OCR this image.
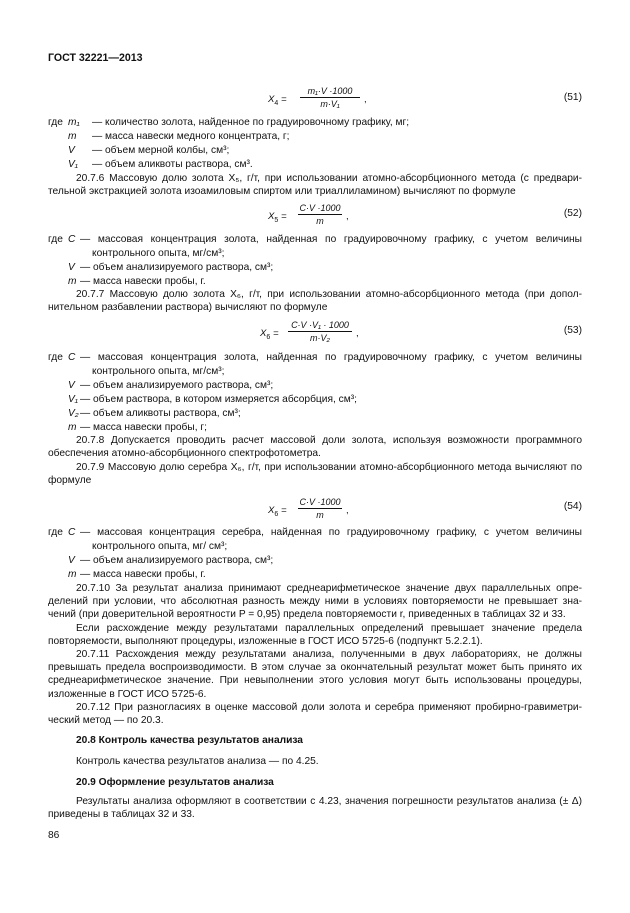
ГОСТ 32221—2013
$X_4$ =
m₁·V ·1000
m·V₁	,	(51)
где m₁ — количество золота, найденное по градуировочному графику, мг;
m — масса навески медного концентрата, г;
V — объем мерной колбы, см³;
V₁ — объем аликвоты раствора, см³.
20.7.6 Массовую долю золота X₅, г/т, при использовании атомно-абсорбционного метода (с предвари-тельной экстракцией золота изоамиловым спиртом или триаллиламином) вычисляют по формуле
$X_5$ =
C·V ·1000
m	,	(52)
где C — массовая концентрация золота, найденная по градуировочному графику, с учетом величины
контрольного опыта, мг/см³;
V — объем анализируемого раствора, см³;
m — масса навески пробы, г.
20.7.7 Массовую долю золота X₆, г/т, при использовании атомно-абсорбционного метода (при допол-нительном разбавлении раствора) вычисляют по формуле
$X_6$ =
C·V ·V₁ · 1000
m·V₂	,	(53)
где C — массовая концентрация золота, найденная по градуировочному графику, с учетом величины
контрольного опыта, мг/см³;
V — объем анализируемого раствора, см³;
V₁ — объем раствора, в котором измеряется абсорбция, см³;
V₂ — объем аликвоты раствора, см³;
m — масса навески пробы, г;
20.7.8 Допускается проводить расчет массовой доли золота, используя возможности программного обеспечения атомно-абсорбционного спектрофотометра.
20.7.9 Массовую долю серебра X₆, г/т, при использовании атомно-абсорбционного метода вычисляют по формуле
$X_6$ =
C·V ·1000
m	,	(54)
где C — массовая концентрация серебра, найденная по градуировочному графику, с учетом величины
контрольного опыта, мг/ см³;
V — объем анализируемого раствора, см³;
m — масса навески пробы, г.
20.7.10 За результат анализа принимают среднеарифметическое значение двух параллельных опре-делений при условии, что абсолютная разность между ними в условиях повторяемости не превышает зна-чений (при доверительной вероятности P = 0,95) предела повторяемости r, приведенных в таблицах 32 и 33.
Если расхождение между результатами параллельных определений превышает значение предела повторяемости, выполняют процедуры, изложенные в ГОСТ ИСО 5725-6 (подпункт 5.2.2.1).
20.7.11 Расхождения между результатами анализа, полученными в двух лабораториях, не должны превышать предела воспроизводимости. В этом случае за окончательный результат может быть принято их среднеарифметическое значение. При невыполнении этого условия могут быть использованы процедуры, изложенные в ГОСТ ИСО 5725-6.
20.7.12 При разногласиях в оценке массовой доли золота и серебра применяют пробирно-гравиметри-ческий метод — по 20.3.
20.8 Контроль качества результатов анализа
Контроль качества результатов анализа — по 4.25.
20.9 Оформление результатов анализа
Результаты анализа оформляют в соответствии с 4.23, значения погрешности результатов анализа (± Δ) приведены в таблицах 32 и 33.
86
